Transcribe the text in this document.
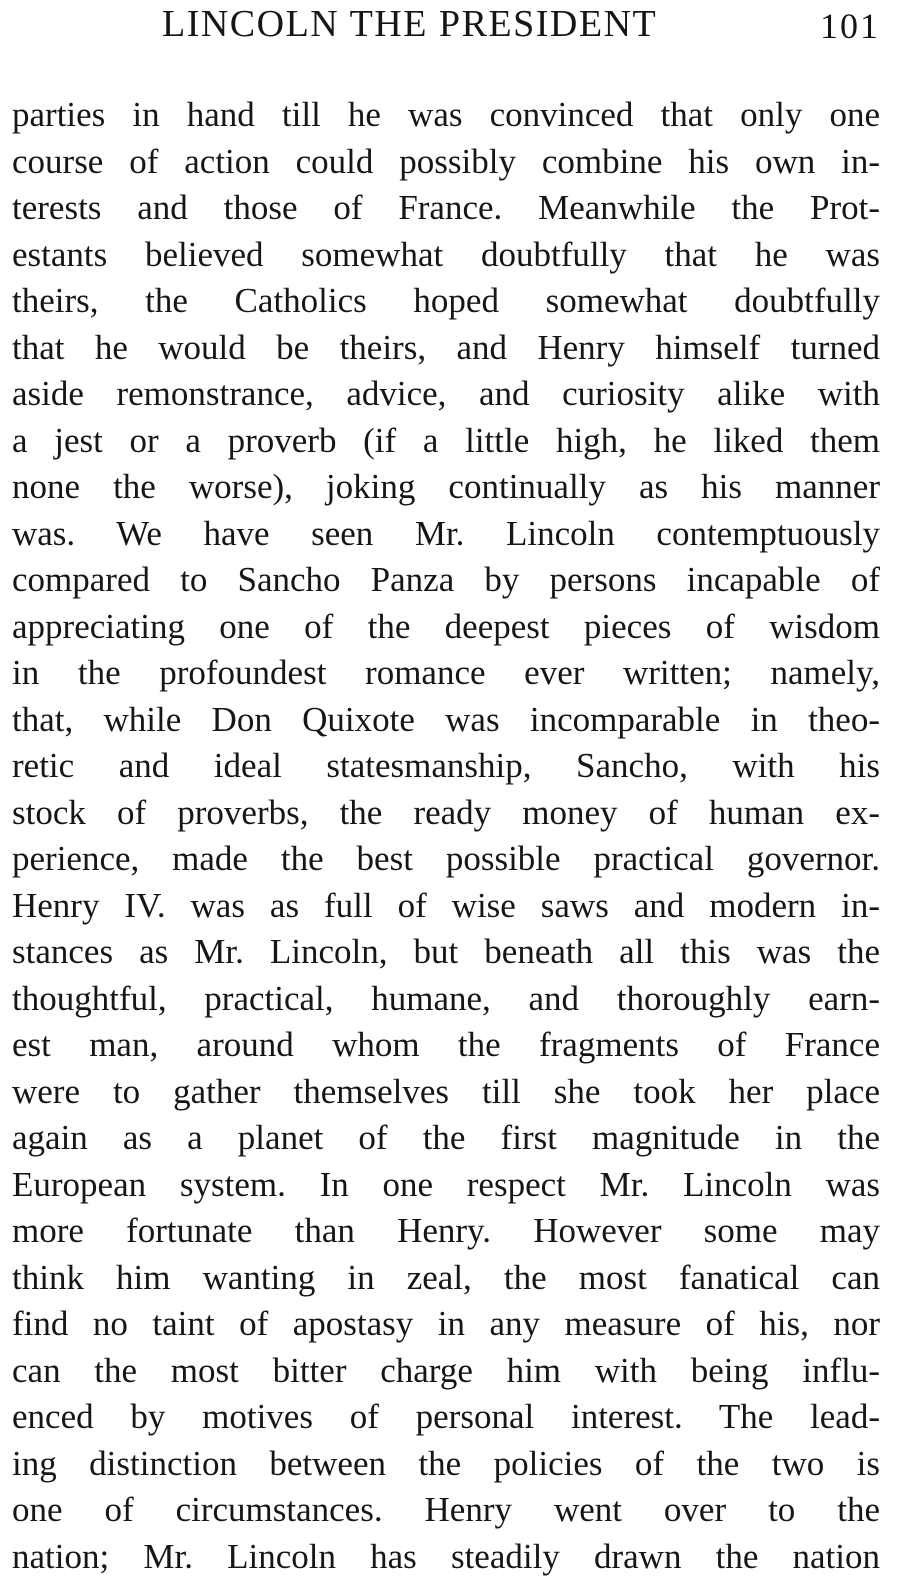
LINCOLN THE PRESIDENT	101
parties in hand till he was convinced that only one
course of action could possibly combine his own in-
terests and those of France. Meanwhile the Prot-
estants believed somewhat doubtfully that he was
theirs, the Catholics hoped somewhat doubtfully
that he would be theirs, and Henry himself turned
aside remonstrance, advice, and curiosity alike with
a jest or a proverb (if a little high, he liked them
none the worse), joking continually as his manner
was. We have seen Mr. Lincoln contemptuously
compared to Sancho Panza by persons incapable of
appreciating one of the deepest pieces of wisdom
in the profoundest romance ever written; namely,
that, while Don Quixote was incomparable in theo-
retic and ideal statesmanship, Sancho, with his
stock of proverbs, the ready money of human ex-
perience, made the best possible practical governor.
Henry IV. was as full of wise saws and modern in-
stances as Mr. Lincoln, but beneath all this was the
thoughtful, practical, humane, and thoroughly earn-
est man, around whom the fragments of France
were to gather themselves till she took her place
again as a planet of the first magnitude in the
European system. In one respect Mr. Lincoln was
more fortunate than Henry. However some may
think him wanting in zeal, the most fanatical can
find no taint of apostasy in any measure of his, nor
can the most bitter charge him with being influ-
enced by motives of personal interest. The lead-
ing distinction between the policies of the two is
one of circumstances. Henry went over to the
nation; Mr. Lincoln has steadily drawn the nation
